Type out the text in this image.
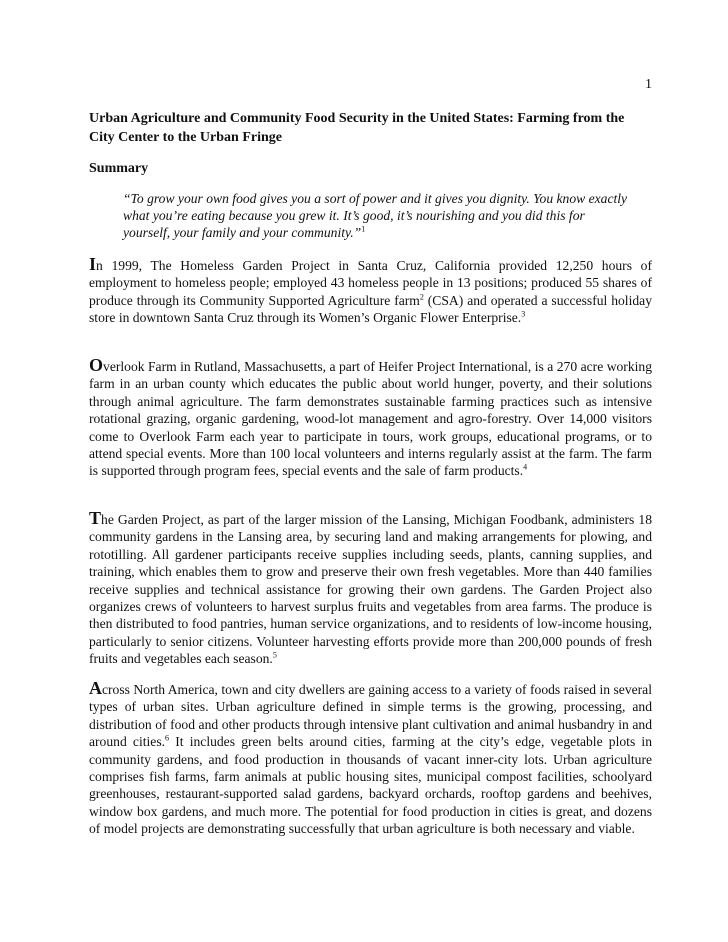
1
Urban Agriculture and Community Food Security in the United States: Farming from the City Center to the Urban Fringe
Summary
“To grow your own food gives you a sort of power and it gives you dignity. You know exactly what you’re eating because you grew it. It’s good, it’s nourishing and you did this for yourself, your family and your community.”$^1$
In 1999, The Homeless Garden Project in Santa Cruz, California provided 12,250 hours of employment to homeless people; employed 43 homeless people in 13 positions; produced 55 shares of produce through its Community Supported Agriculture farm$^2$ (CSA) and operated a successful holiday store in downtown Santa Cruz through its Women’s Organic Flower Enterprise.$^3$
Overlook Farm in Rutland, Massachusetts, a part of Heifer Project International, is a 270 acre working farm in an urban county which educates the public about world hunger, poverty, and their solutions through animal agriculture. The farm demonstrates sustainable farming practices such as intensive rotational grazing, organic gardening, wood-lot management and agro-forestry. Over 14,000 visitors come to Overlook Farm each year to participate in tours, work groups, educational programs, or to attend special events. More than 100 local volunteers and interns regularly assist at the farm. The farm is supported through program fees, special events and the sale of farm products.$^4$
The Garden Project, as part of the larger mission of the Lansing, Michigan Foodbank, administers 18 community gardens in the Lansing area, by securing land and making arrangements for plowing, and rototilling. All gardener participants receive supplies including seeds, plants, canning supplies, and training, which enables them to grow and preserve their own fresh vegetables. More than 440 families receive supplies and technical assistance for growing their own gardens. The Garden Project also organizes crews of volunteers to harvest surplus fruits and vegetables from area farms. The produce is then distributed to food pantries, human service organizations, and to residents of low-income housing, particularly to senior citizens. Volunteer harvesting efforts provide more than 200,000 pounds of fresh fruits and vegetables each season.$^5$
Across North America, town and city dwellers are gaining access to a variety of foods raised in several types of urban sites. Urban agriculture defined in simple terms is the growing, processing, and distribution of food and other products through intensive plant cultivation and animal husbandry in and around cities.$^6$ It includes green belts around cities, farming at the city’s edge, vegetable plots in community gardens, and food production in thousands of vacant inner-city lots. Urban agriculture comprises fish farms, farm animals at public housing sites, municipal compost facilities, schoolyard greenhouses, restaurant-supported salad gardens, backyard orchards, rooftop gardens and beehives, window box gardens, and much more. The potential for food production in cities is great, and dozens of model projects are demonstrating successfully that urban agriculture is both necessary and viable.
